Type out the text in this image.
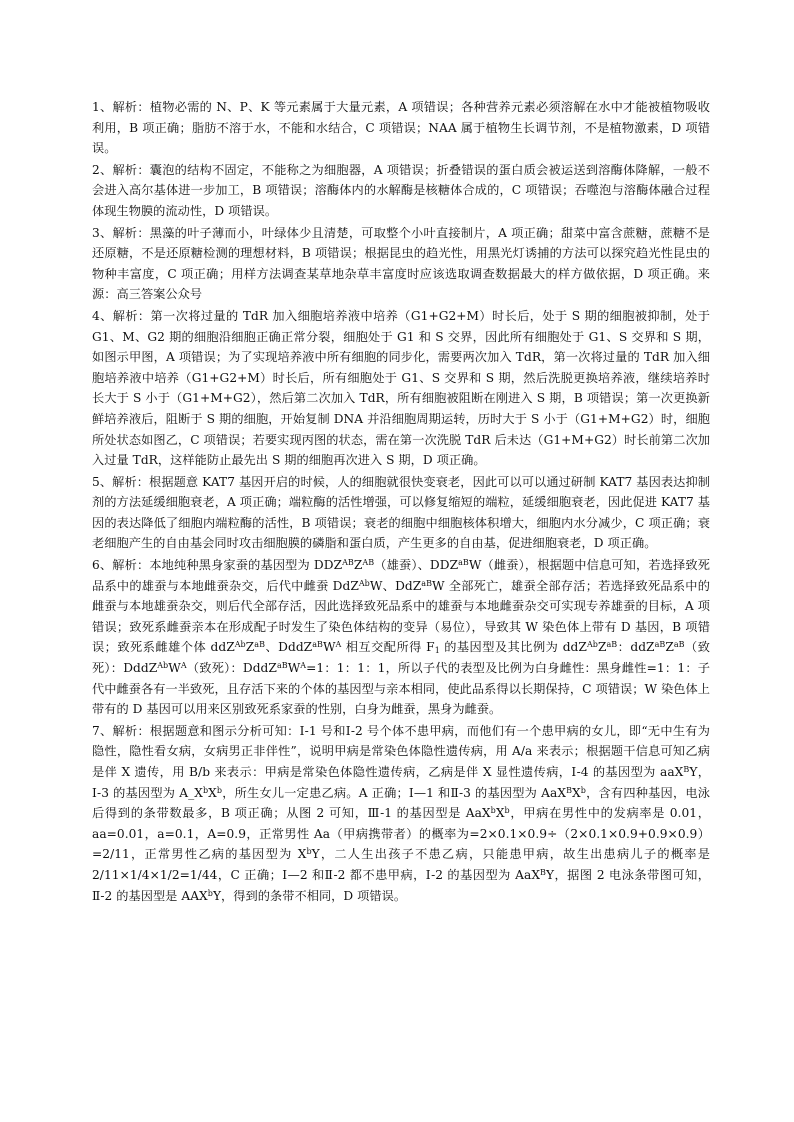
1、解析：植物必需的 N、P、K 等元素属于大量元素，A 项错误；各种营养元素必须溶解在水中才能被植物吸收利用，B 项正确；脂肪不溶于水，不能和水结合，C 项错误；NAA 属于植物生长调节剂，不是植物激素，D 项错误。

2、解析：囊泡的结构不固定，不能称之为细胞器，A 项错误；折叠错误的蛋白质会被运送到溶酶体降解，一般不会进入高尔基体进一步加工，B 项错误；溶酶体内的水解酶是核糖体合成的，C 项错误；吞噬泡与溶酶体融合过程体现生物膜的流动性，D 项错误。

3、解析：黑藻的叶子薄而小，叶绿体少且清楚，可取整个小叶直接制片，A 项正确；甜菜中富含蔗糖，蔗糖不是还原糖，不是还原糖检测的理想材料，B 项错误；根据昆虫的趋光性，用黑光灯诱捕的方法可以探究趋光性昆虫的物种丰富度，C 项正确；用样方法调查某草地杂草丰富度时应该选取调查数据最大的样方做依据，D 项正确。来源：高三答案公众号

4、解析：第一次将过量的 TdR 加入细胞培养液中培养（G1+G2+M）时长后，处于 S 期的细胞被抑制，处于 G1、M、G2 期的细胞沿细胞正确正常分裂，细胞处于 G1 和 S 交界，因此所有细胞处于 G1、S 交界和 S 期，如图示甲图，A 项错误；为了实现培养液中所有细胞的同步化，需要两次加入 TdR，第一次将过量的 TdR 加入细胞培养液中培养（G1+G2+M）时长后，所有细胞处于 G1、S 交界和 S 期，然后洗脱更换培养液，继续培养时长大于 S 小于（G1+M+G2），然后第二次加入 TdR，所有细胞被阻断在刚进入 S 期，B 项错误；第一次更换新鲜培养液后，阻断于 S 期的细胞，开始复制 DNA 并沿细胞周期运转，历时大于 S 小于（G1+M+G2）时，细胞所处状态如图乙，C 项错误；若要实现丙图的状态，需在第一次洗脱 TdR 后未达（G1+M+G2）时长前第二次加入过量 TdR，这样能防止最先出 S 期的细胞再次进入 S 期，D 项正确。

5、解析：根据题意 KAT7 基因开启的时候，人的细胞就很快变衰老，因此可以可以通过研制 KAT7 基因表达抑制剂的方法延缓细胞衰老，A 项正确；端粒酶的活性增强，可以修复缩短的端粒，延缓细胞衰老，因此促进 KAT7 基因的表达降低了细胞内端粒酶的活性，B 项错误；衰老的细胞中细胞核体积增大，细胞内水分减少，C 项正确；衰老细胞产生的自由基会同时攻击细胞膜的磷脂和蛋白质，产生更多的自由基，促进细胞衰老，D 项正确。

6、解析：本地纯种黑身家蚕的基因型为 $DDZ^{AB}Z^{AB}$（雄蚕）、$DDZ^{aB}W$（雌蚕），根据题中信息可知，若选择致死品系中的雄蚕与本地雌蚕杂交，后代中雌蚕 DdZ$^{Ab}$W、DdZ$^{aB}$W 全部死亡，雄蚕全部存活；若选择致死品系中的雌蚕与本地雄蚕杂交，则后代全部存活，因此选择致死品系中的雄蚕与本地雌蚕杂交可实现专养雄蚕的目标，A 项错误；致死系雌蚕亲本在形成配子时发生了染色体结构的变异（易位），导致其 W 染色体上带有 D 基因，B 项错误；致死系雌雄个体 $ddZ^{Ab}Z^{aB}$、$DddZ^{aB}W^A$ 相互交配所得 $F_1$ 的基因型及其比例为 $ddZ^{Ab}Z^{aB}$：$ddZ^{aB}Z^{aB}$（致死）：$DddZ^{Ab}W^A$（致死）：$DddZ^{aB}W^A=1$：1：1：1，所以子代的表型及比例为白身雌性：黑身雌性=1：1：子代中雌蚕各有一半致死，且存活下来的个体的基因型与亲本相同，使此品系得以长期保持，C 项错误；W 染色体上带有的 D 基因可以用来区别致死系家蚕的性别，白身为雌蚕，黑身为雌蚕。

7、解析：根据题意和图示分析可知：Ⅰ-1 号和Ⅰ-2 号个体不患甲病，而他们有一个患甲病的女儿，即“无中生有为隐性，隐性看女病，女病男正非伴性”，说明甲病是常染色体隐性遗传病，用 A/a 来表示；根据题干信息可知乙病是伴 X 遗传，用 B/b 来表示：甲病是常染色体隐性遗传病，乙病是伴 X 显性遗传病，Ⅰ-4 的基因型为 aaX$^B$Y，Ⅰ-3 的基因型为 $A\_X^bX^b$，所生女儿一定患乙病。A 正确；Ⅰ—1 和Ⅱ-3 的基因型为 $AaX^BX^b$，含有四种基因，电泳后得到的条带数最多，B 项正确；从图 2 可知，Ⅲ-1 的基因型是 $AaX^bX^b$，甲病在男性中的发病率是 0.01，aa=0.01，a=0.1，A=0.9，正常男性 Aa（甲病携带者）的概率为=2×0.1×0.9÷（2×0.1×0.9+0.9×0.9）=2/11，正常男性乙病的基因型为 $X^bY$，二人生出孩子不患乙病，只能患甲病，故生出患病儿子的概率是 2/11×1/4×1/2=1/44，C 正确；Ⅰ—2 和Ⅱ-2 都不患甲病，Ⅰ-2 的基因型为 AaX$^B$Y，据图 2 电泳条带图可知，Ⅱ-2 的基因型是 AAX$^b$Y，得到的条带不相同，D 项错误。
